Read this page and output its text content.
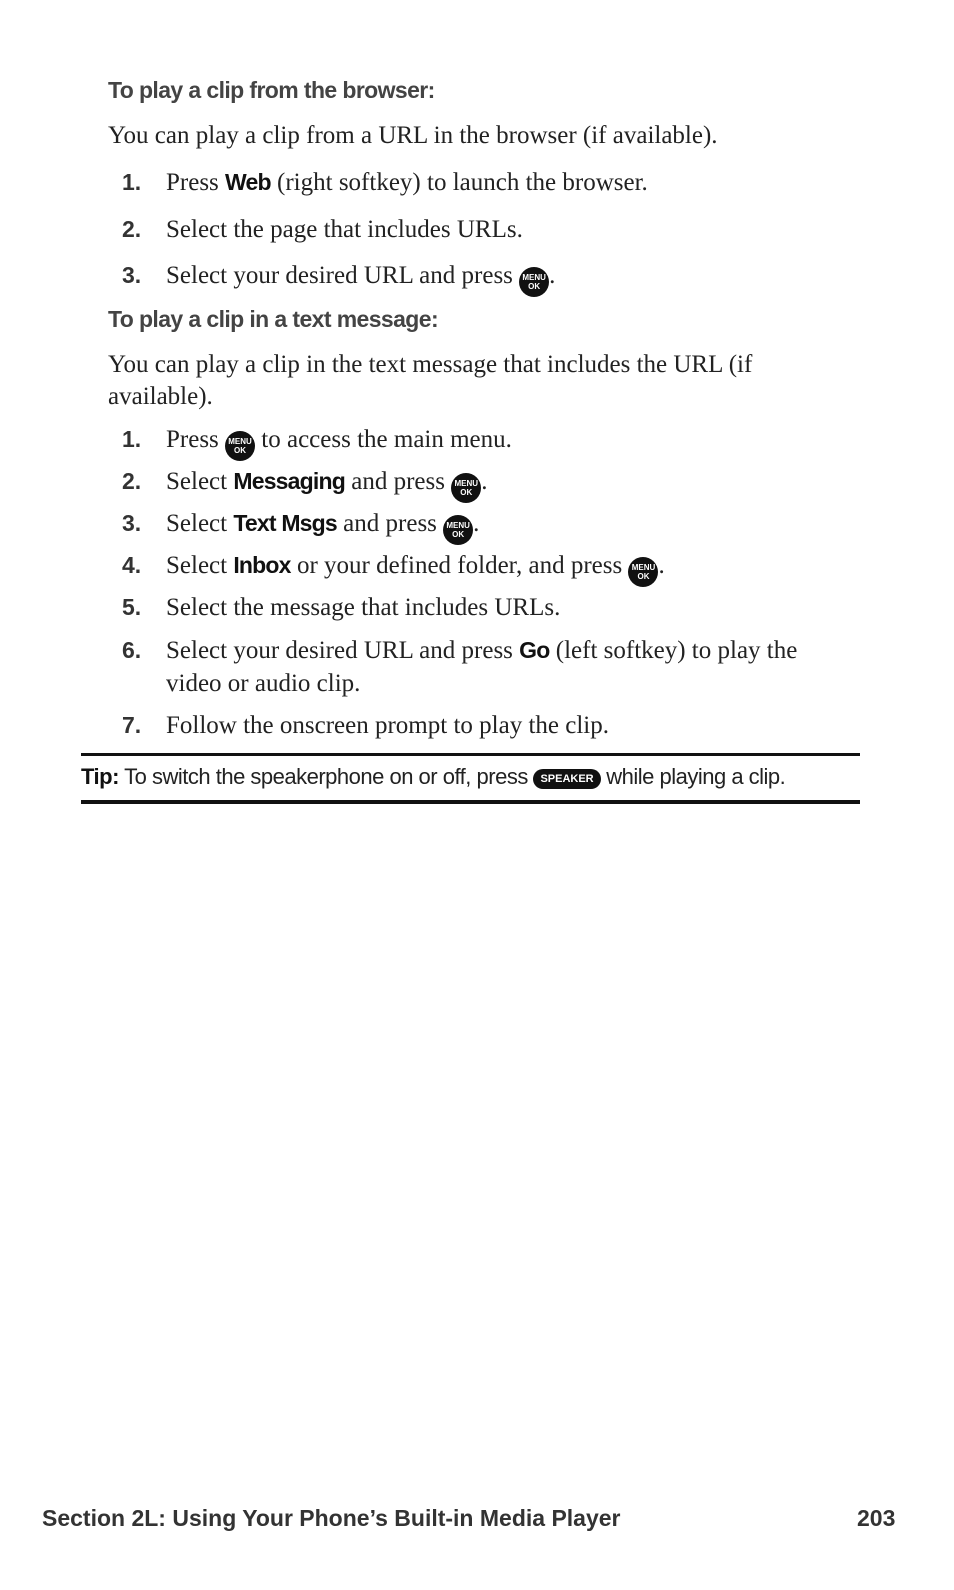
To play a clip from the browser:
You can play a clip from a URL in the browser (if available).
1. Press Web (right softkey) to launch the browser.
2. Select the page that includes URLs.
3. Select your desired URL and press MENU
OK .
To play a clip in a text message:
You can play a clip in the text message that includes the URL (if available).
1. Press MENU
OK to access the main menu.
2. Select Messaging and press MENU
OK .
3. Select Text Msgs and press MENU
OK .
4. Select Inbox or your defined folder, and press MENU
OK .
5. Select the message that includes URLs.
6. Select your desired URL and press Go (left softkey) to play the video or audio clip.
7. Follow the onscreen prompt to play the clip.
Tip: To switch the speakerphone on or off, press SPEAKER while playing a clip.
Section 2L: Using Your Phone’s Built-in Media Player	203
